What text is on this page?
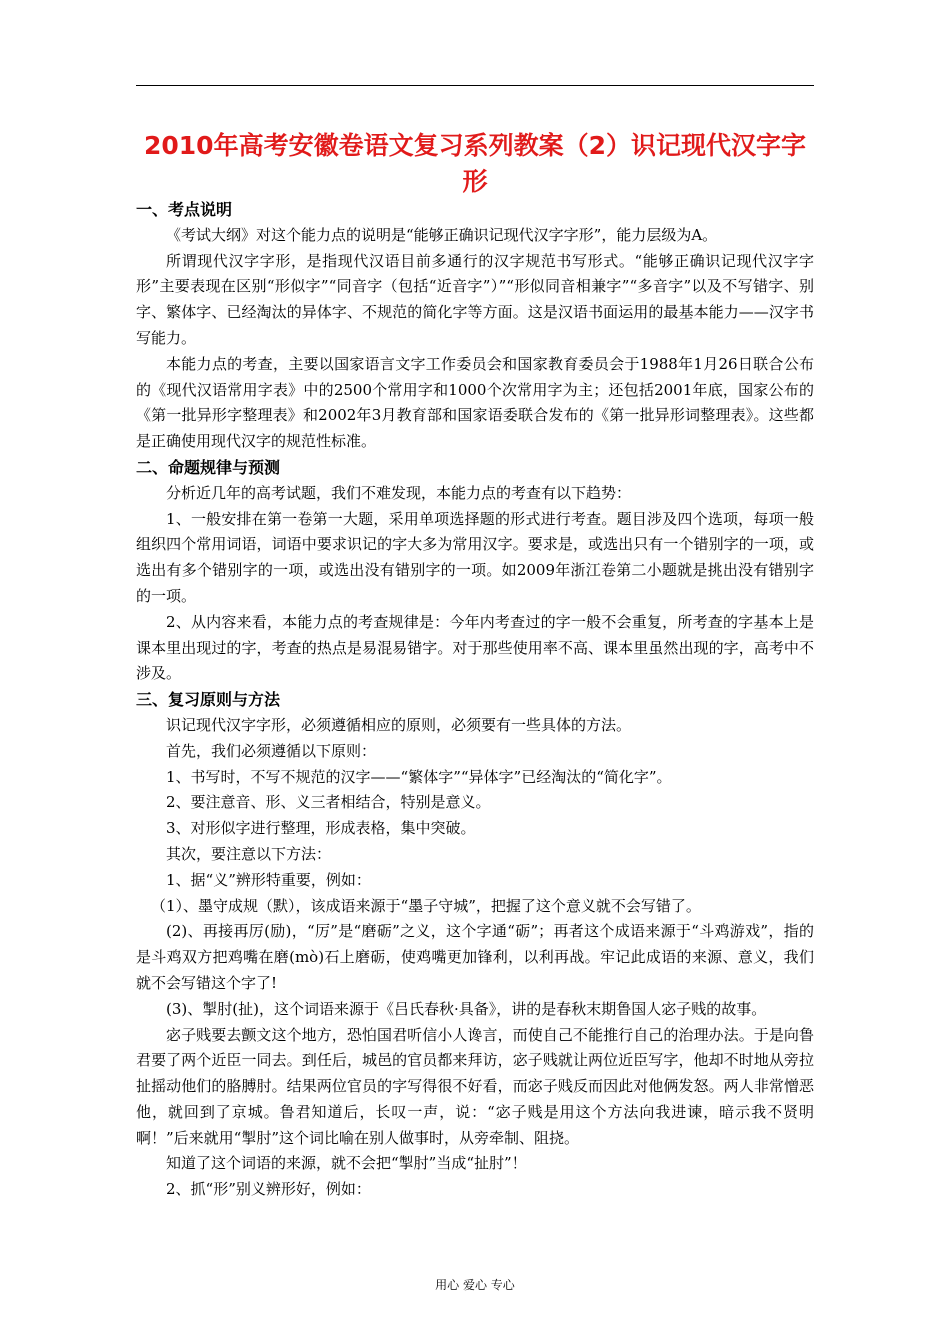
2010年高考安徽卷语文复习系列教案（2）识记现代汉字字形
一、考点说明

《考试大纲》对这个能力点的说明是“能够正确识记现代汉字字形”，能力层级为A。

所谓现代汉字字形，是指现代汉语目前多通行的汉字规范书写形式。“能够正确识记现代汉字字形”主要表现在区别“形似字”“同音字（包括“近音字”）”“形似同音相兼字”“多音字”以及不写错字、别字、繁体字、已经淘汰的异体字、不规范的简化字等方面。这是汉语书面运用的最基本能力——汉字书写能力。

本能力点的考查，主要以国家语言文字工作委员会和国家教育委员会于1988年1月26日联合公布的《现代汉语常用字表》中的2500个常用字和1000个次常用字为主；还包括2001年底，国家公布的《第一批异形字整理表》和2002年3月教育部和国家语委联合发布的《第一批异形词整理表》。这些都是正确使用现代汉字的规范性标准。

二、命题规律与预测

分析近几年的高考试题，我们不难发现，本能力点的考查有以下趋势：

1、一般安排在第一卷第一大题，采用单项选择题的形式进行考查。题目涉及四个选项，每项一般组织四个常用词语，词语中要求识记的字大多为常用汉字。要求是，或选出只有一个错别字的一项，或选出有多个错别字的一项，或选出没有错别字的一项。如2009年浙江卷第二小题就是挑出没有错别字的一项。

2、从内容来看，本能力点的考查规律是：今年内考查过的字一般不会重复，所考查的字基本上是课本里出现过的字，考查的热点是易混易错字。对于那些使用率不高、课本里虽然出现的字，高考中不涉及。

三、复习原则与方法

识记现代汉字字形，必须遵循相应的原则，必须要有一些具体的方法。

首先，我们必须遵循以下原则：

1、书写时，不写不规范的汉字——“繁体字”“异体字”已经淘汰的“简化字”。

2、要注意音、形、义三者相结合，特别是意义。

3、对形似字进行整理，形成表格，集中突破。

其次，要注意以下方法：

1、据“义”辨形特重要，例如：

（1）、墨守成规（默），该成语来源于“墨子守城”，把握了这个意义就不会写错了。

(2)、再接再厉(励)，“厉”是“磨砺”之义，这个字通“砺”；再者这个成语来源于“斗鸡游戏”，指的是斗鸡双方把鸡嘴在磨(mò)石上磨砺，使鸡嘴更加锋利，以利再战。牢记此成语的来源、意义，我们就不会写错这个字了!

(3)、掣肘(扯)，这个词语来源于《吕氏春秋·具备》，讲的是春秋末期鲁国人宓子贱的故事。

宓子贱要去颤文这个地方，恐怕国君听信小人谗言，而使自己不能推行自己的治理办法。于是向鲁君要了两个近臣一同去。到任后，城邑的官员都来拜访，宓子贱就让两位近臣写字，他却不时地从旁拉扯摇动他们的胳膊肘。结果两位官员的字写得很不好看，而宓子贱反而因此对他俩发怒。两人非常憎恶他，就回到了京城。鲁君知道后，长叹一声，说：“宓子贱是用这个方法向我进谏，暗示我不贤明啊！”后来就用“掣肘”这个词比喻在别人做事时，从旁牵制、阻挠。

知道了这个词语的来源，就不会把“掣肘”当成“扯肘”！

2、抓“形”别义辨形好，例如：

用心 爱心 专心
